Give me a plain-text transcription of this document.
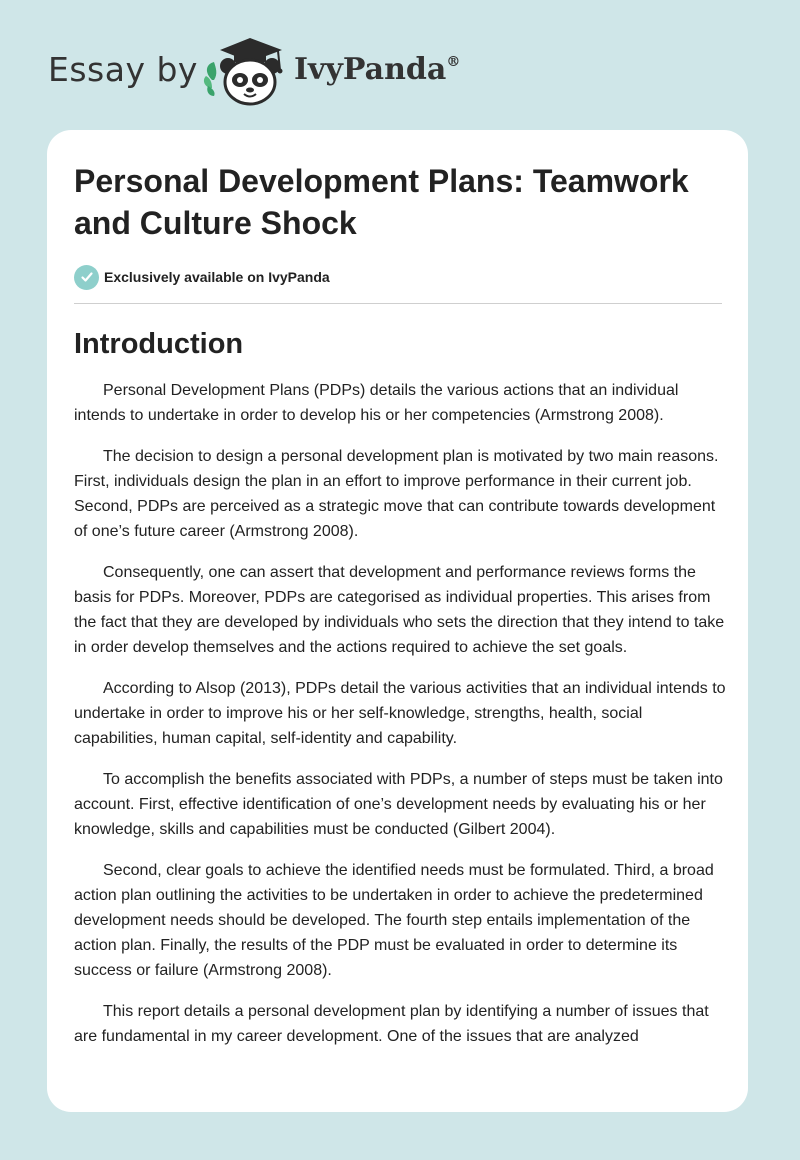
Essay by	IvyPanda®
Personal Development Plans: Teamwork and Culture Shock
Exclusively available on IvyPanda
Introduction

Personal Development Plans (PDPs) details the various actions that an individual intends to undertake in order to develop his or her competencies (Armstrong 2008).

The decision to design a personal development plan is motivated by two main reasons. First, individuals design the plan in an effort to improve performance in their current job. Second, PDPs are perceived as a strategic move that can contribute towards development of one’s future career (Armstrong 2008).

Consequently, one can assert that development and performance reviews forms the basis for PDPs. Moreover, PDPs are categorised as individual properties. This arises from the fact that they are developed by individuals who sets the direction that they intend to take in order develop themselves and the actions required to achieve the set goals.

According to Alsop (2013), PDPs detail the various activities that an individual intends to undertake in order to improve his or her self-knowledge, strengths, health, social capabilities, human capital, self-identity and capability.

To accomplish the benefits associated with PDPs, a number of steps must be taken into account. First, effective identification of one’s development needs by evaluating his or her knowledge, skills and capabilities must be conducted (Gilbert 2004).

Second, clear goals to achieve the identified needs must be formulated. Third, a broad action plan outlining the activities to be undertaken in order to achieve the predetermined development needs should be developed. The fourth step entails implementation of the action plan. Finally, the results of the PDP must be evaluated in order to determine its success or failure (Armstrong 2008).

This report details a personal development plan by identifying a number of issues that are fundamental in my career development. One of the issues that are analyzed
